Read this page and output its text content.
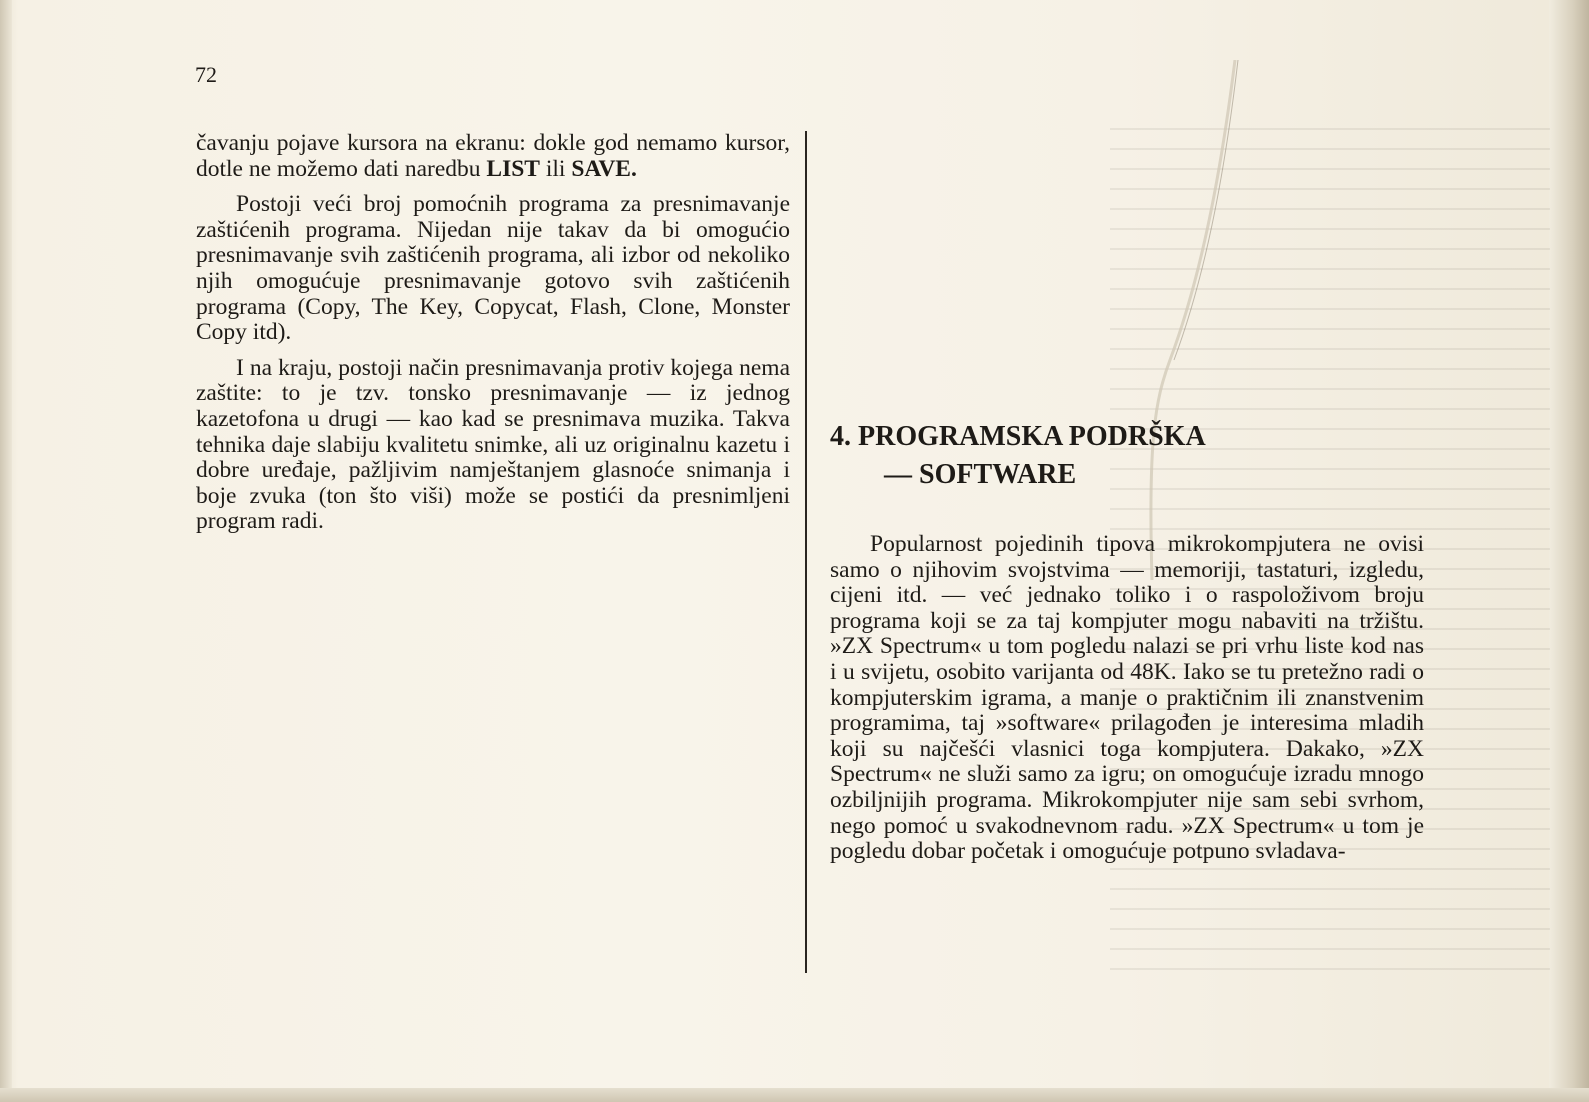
72

čavanju pojave kursora na ekranu: dokle god nemamo kursor, dotle ne možemo dati naredbu LIST ili SAVE.

Postoji veći broj pomoćnih programa za presnimavanje zaštićenih programa. Nijedan nije takav da bi omogućio presnimavanje svih zaštićenih programa, ali izbor od nekoliko njih omogućuje presnimavanje gotovo svih zaštićenih programa (Copy, The Key, Copycat, Flash, Clone, Monster Copy itd).

I na kraju, postoji način presnimavanja protiv kojega nema zaštite: to je tzv. tonsko presnimavanje — iz jednog kazetofona u drugi — kao kad se presnimava muzika. Takva tehnika daje slabiju kvalitetu snimke, ali uz originalnu kazetu i dobre uređaje, pažljivim namještanjem glasnoće snimanja i boje zvuka (ton što viši) može se postići da presnimljeni program radi.

4. PROGRAMSKA PODRŠKA
— SOFTWARE

Popularnost pojedinih tipova mikrokompjutera ne ovisi samo o njihovim svojstvima — memoriji, tastaturi, izgledu, cijeni itd. — već jednako toliko i o raspoloživom broju programa koji se za taj kompjuter mogu nabaviti na tržištu. »ZX Spectrum« u tom pogledu nalazi se pri vrhu liste kod nas i u svijetu, osobito varijanta od 48K. Iako se tu pretežno radi o kompjuterskim igrama, a manje o praktičnim ili znanstvenim programima, taj »software« prilagođen je interesima mladih koji su najčešći vlasnici toga kompjutera. Dakako, »ZX Spectrum« ne služi samo za igru; on omogućuje izradu mnogo ozbiljnijih programa. Mikrokompjuter nije sam sebi svrhom, nego pomoć u svakodnevnom radu. »ZX Spectrum« u tom je pogledu dobar početak i omogućuje potpuno svladava-
